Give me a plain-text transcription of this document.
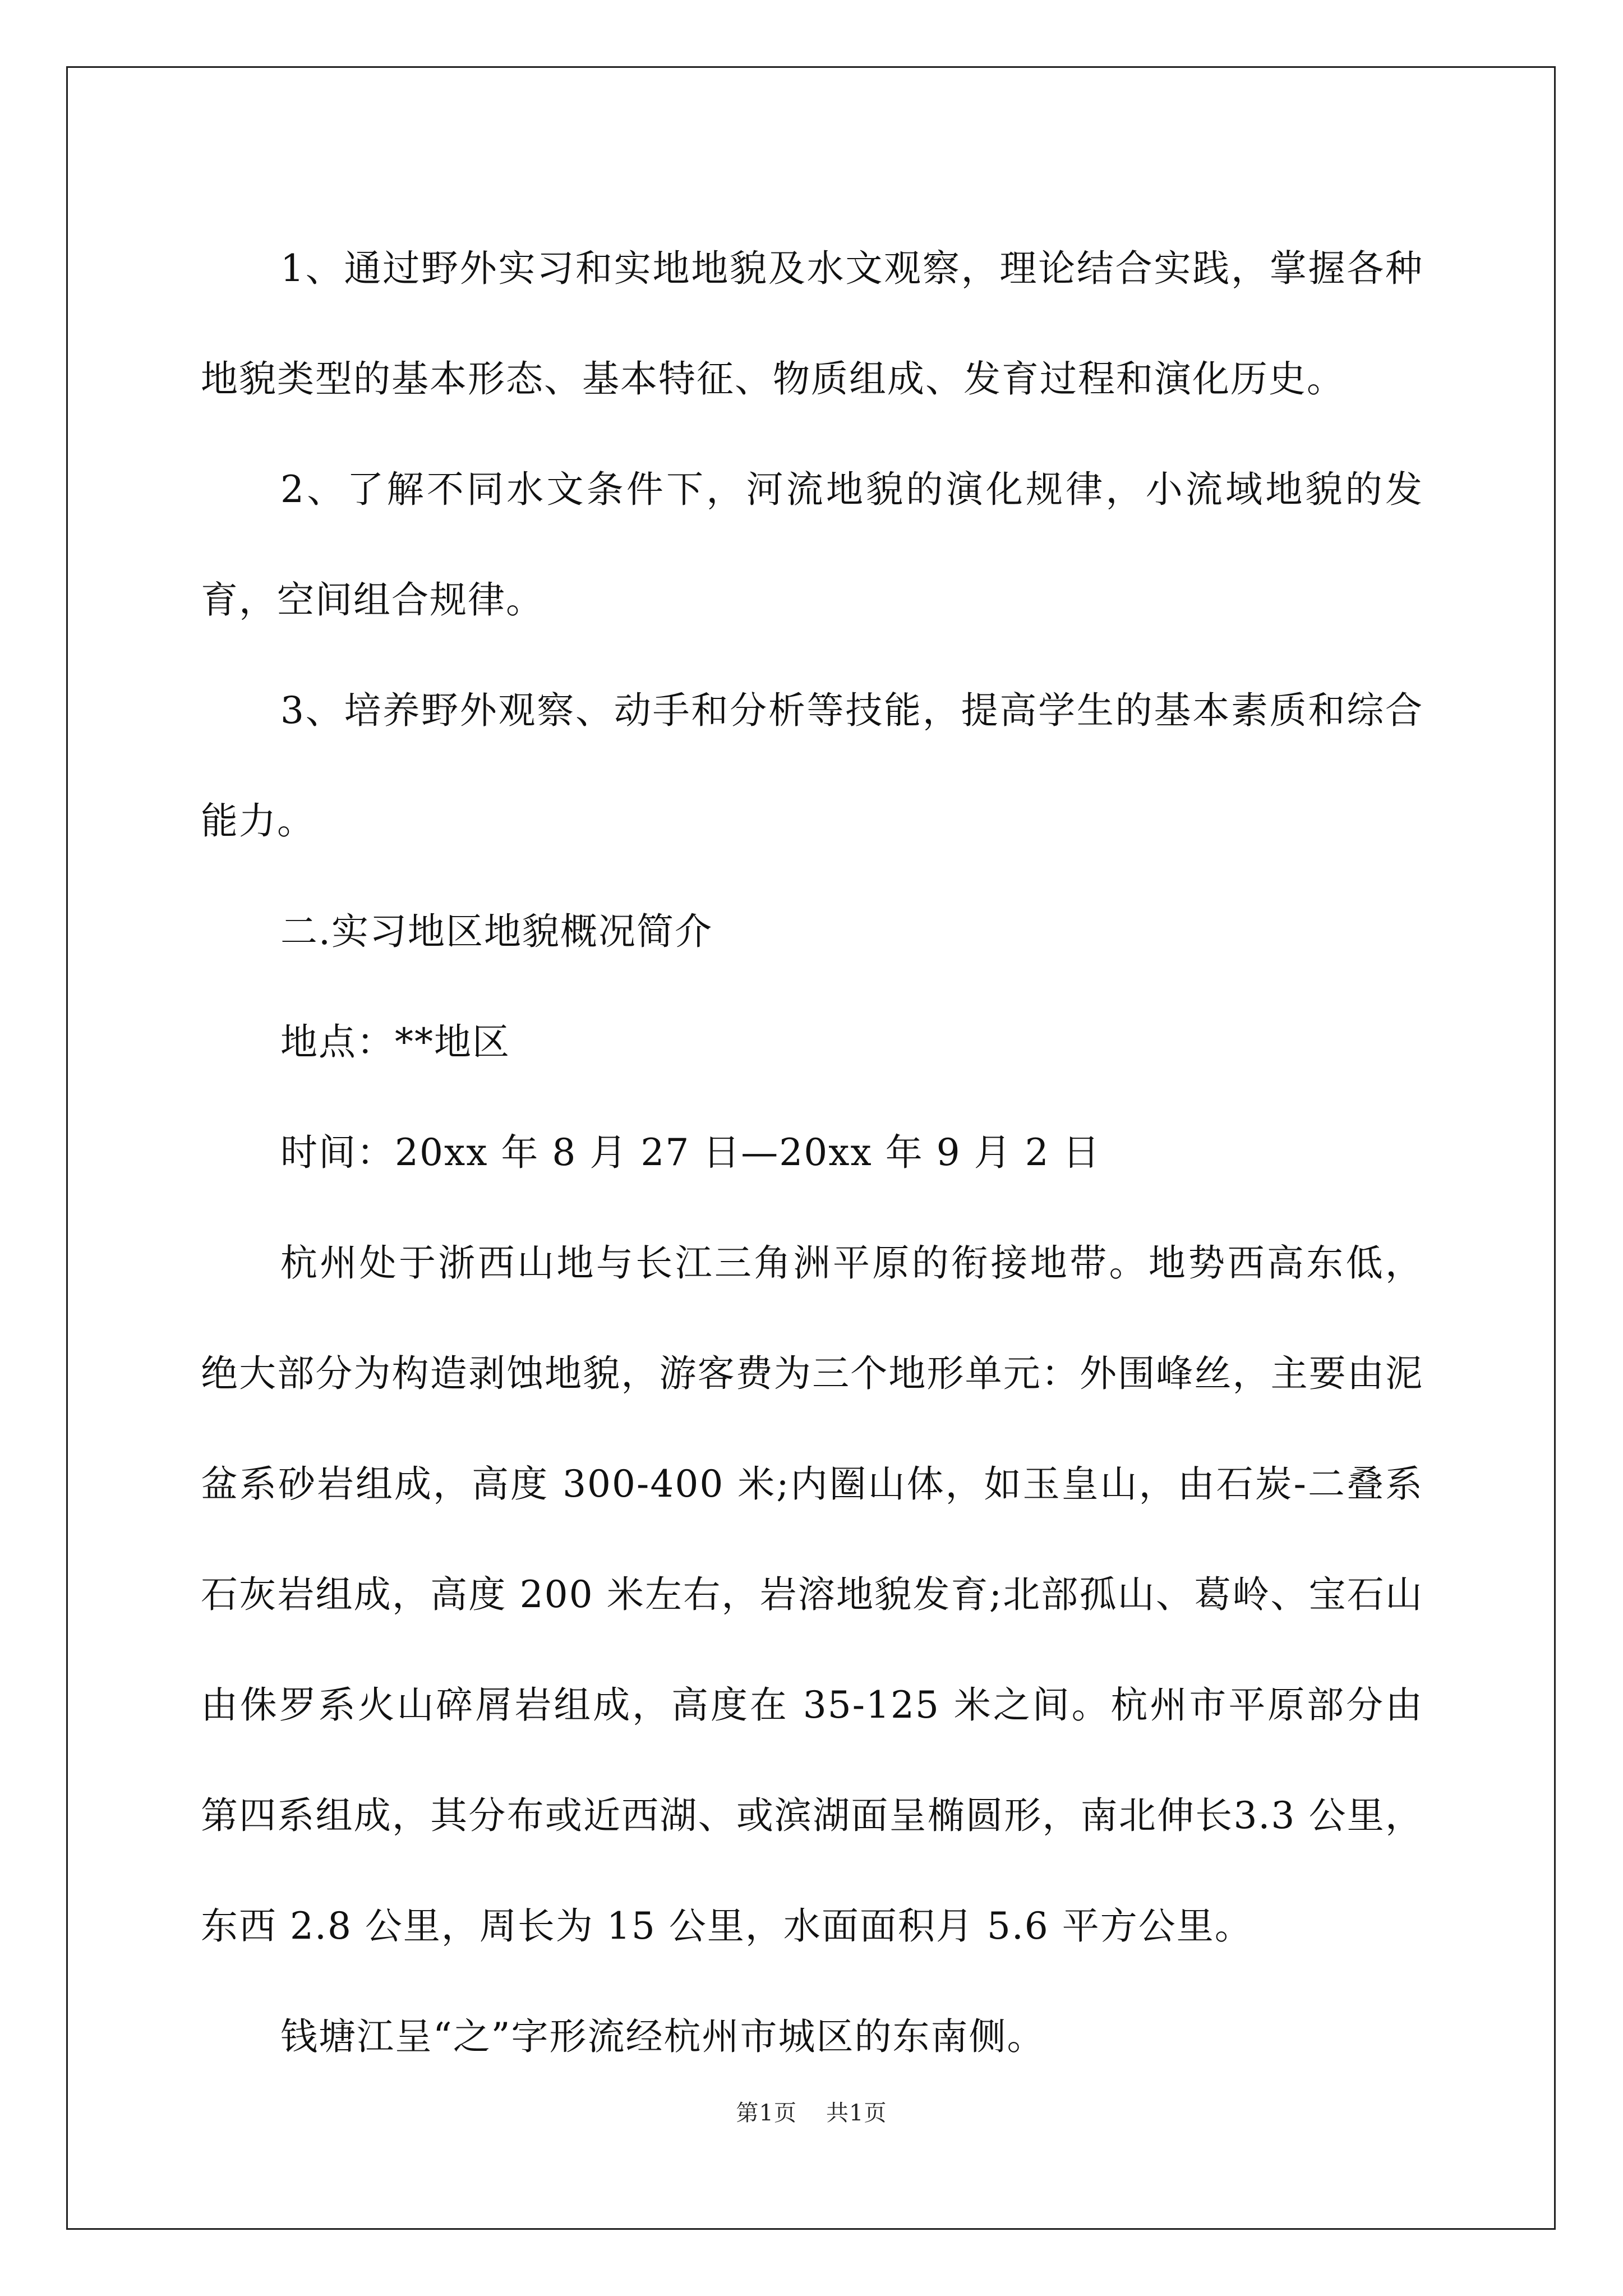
1、通过野外实习和实地地貌及水文观察，理论结合实践，掌握各种地貌类型的基本形态、基本特征、物质组成、发育过程和演化历史。

2、了解不同水文条件下，河流地貌的演化规律，小流域地貌的发育，空间组合规律。

3、培养野外观察、动手和分析等技能，提高学生的基本素质和综合能力。

二.实习地区地貌概况简介

地点：**地区

时间：20xx 年 8 月 27 日—20xx 年 9 月 2 日

杭州处于浙西山地与长江三角洲平原的衔接地带。地势西高东低，绝大部分为构造剥蚀地貌，游客费为三个地形单元：外围峰丝，主要由泥盆系砂岩组成，高度 300-400 米;内圈山体，如玉皇山，由石炭-二叠系石灰岩组成，高度 200 米左右，岩溶地貌发育;北部孤山、葛岭、宝石山由侏罗系火山碎屑岩组成，高度在 35-125 米之间。杭州市平原部分由第四系组成，其分布或近西湖、或滨湖面呈椭圆形，南北伸长3.3 公里，东西 2.8 公里，周长为 15 公里，水面面积月 5.6 平方公里。

钱塘江呈“之”字形流经杭州市城区的东南侧。

第1页 共1页
